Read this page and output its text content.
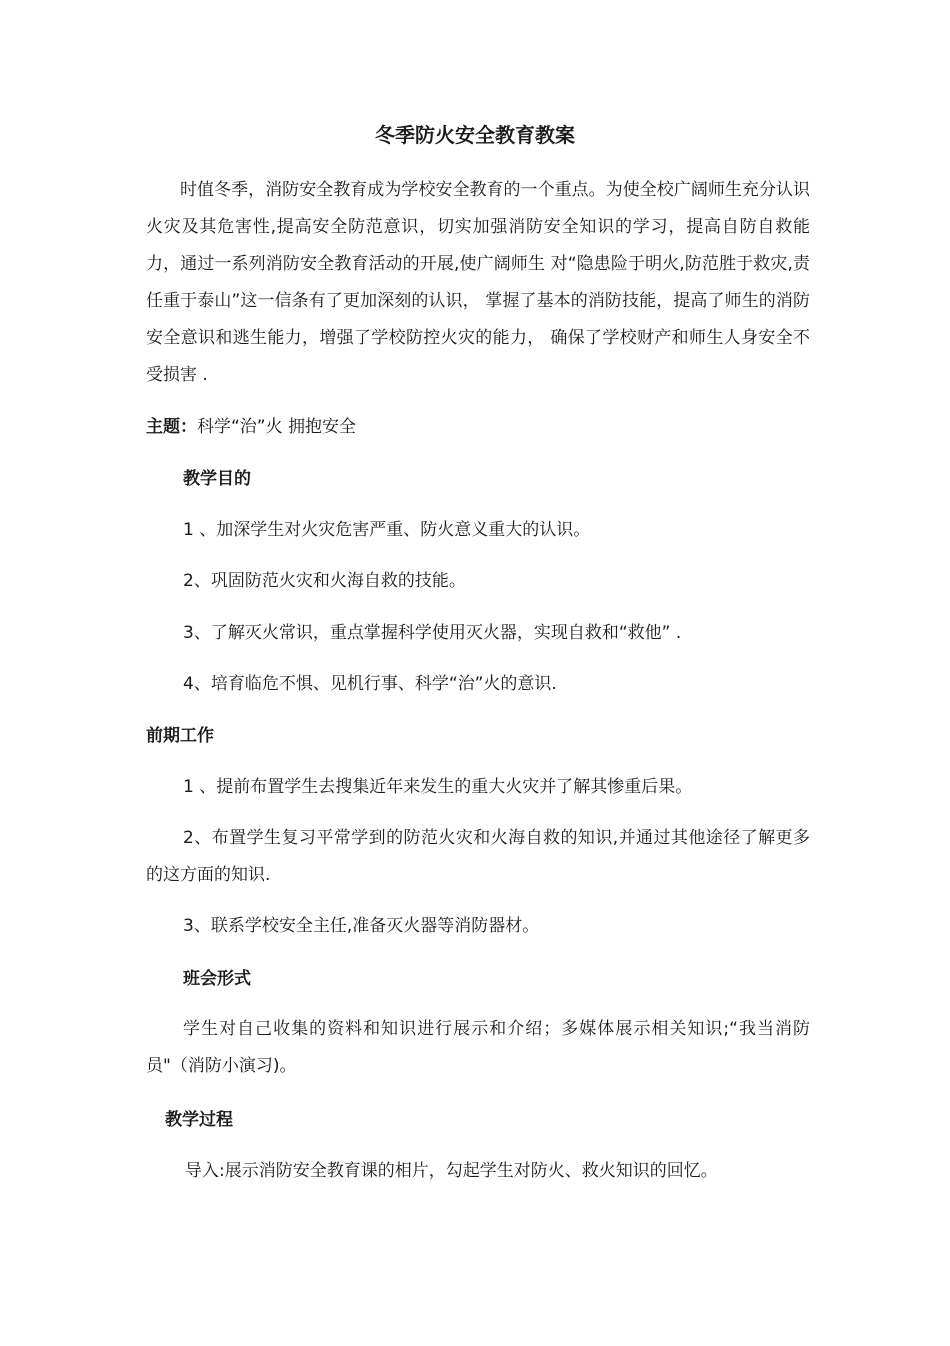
冬季防火安全教育教案

时值冬季，消防安全教育成为学校安全教育的一个重点。为使全校广阔师生充分认识火灾及其危害性,提高安全防范意识，切实加强消防安全知识的学习，提高自防自救能力，通过一系列消防安全教育活动的开展,使广阔师生 对“隐患险于明火,防范胜于救灾,责任重于泰山”这一信条有了更加深刻的认识， 掌握了基本的消防技能，提高了师生的消防安全意识和逃生能力，增强了学校防控火灾的能力， 确保了学校财产和师生人身安全不受损害 .

主题：科学“治”火 拥抱安全
教学目的
1 、加深学生对火灾危害严重、防火意义重大的认识。
2、巩固防范火灾和火海自救的技能。
3、了解灭火常识，重点掌握科学使用灭火器，实现自救和“救他” .
4、培育临危不惧、见机行事、科学“治”火的意识.
前期工作
1 、提前布置学生去搜集近年来发生的重大火灾并了解其惨重后果。

2、布置学生复习平常学到的防范火灾和火海自救的知识,并通过其他途径了解更多的这方面的知识.

3、联系学校安全主任,准备灭火器等消防器材。
班会形式

学生对自己收集的资料和知识进行展示和介绍；多媒体展示相关知识;“我当消防员"（消防小演习)。

教学过程
导入:展示消防安全教育课的相片，勾起学生对防火、救火知识的回忆。
